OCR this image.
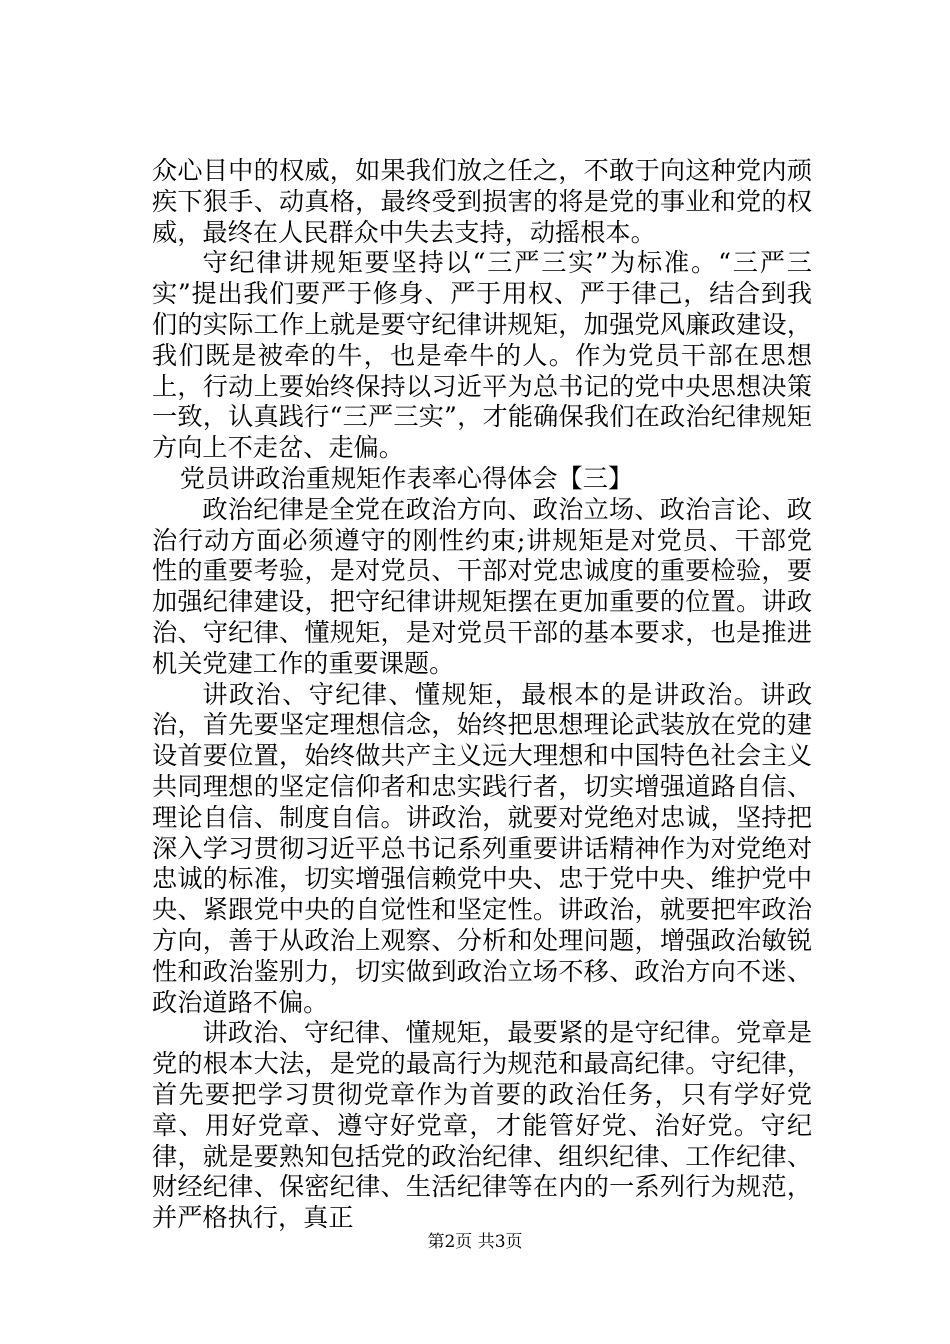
众心目中的权威，如果我们放之任之，不敢于向这种党内顽疾下狠手、动真格，最终受到损害的将是党的事业和党的权威，最终在人民群众中失去支持，动摇根本。

守纪律讲规矩要坚持以“三严三实”为标准。“三严三实”提出我们要严于修身、严于用权、严于律己，结合到我们的实际工作上就是要守纪律讲规矩，加强党风廉政建设，我们既是被牵的牛，也是牵牛的人。作为党员干部在思想上，行动上要始终保持以习近平为总书记的党中央思想决策一致，认真践行“三严三实”，才能确保我们在政治纪律规矩方向上不走岔、走偏。

党员讲政治重规矩作表率心得体会【三】

政治纪律是全党在政治方向、政治立场、政治言论、政治行动方面必须遵守的刚性约束;讲规矩是对党员、干部党性的重要考验，是对党员、干部对党忠诚度的重要检验，要加强纪律建设，把守纪律讲规矩摆在更加重要的位置。讲政治、守纪律、懂规矩，是对党员干部的基本要求，也是推进机关党建工作的重要课题。

讲政治、守纪律、懂规矩，最根本的是讲政治。讲政治，首先要坚定理想信念，始终把思想理论武装放在党的建设首要位置，始终做共产主义远大理想和中国特色社会主义共同理想的坚定信仰者和忠实践行者，切实增强道路自信、理论自信、制度自信。讲政治，就要对党绝对忠诚，坚持把深入学习贯彻习近平总书记系列重要讲话精神作为对党绝对忠诚的标准，切实增强信赖党中央、忠于党中央、维护党中央、紧跟党中央的自觉性和坚定性。讲政治，就要把牢政治方向，善于从政治上观察、分析和处理问题，增强政治敏锐性和政治鉴别力，切实做到政治立场不移、政治方向不迷、政治道路不偏。

讲政治、守纪律、懂规矩，最要紧的是守纪律。党章是党的根本大法，是党的最高行为规范和最高纪律。守纪律，首先要把学习贯彻党章作为首要的政治任务，只有学好党章、用好党章、遵守好党章，才能管好党、治好党。守纪律，就是要熟知包括党的政治纪律、组织纪律、工作纪律、财经纪律、保密纪律、生活纪律等在内的一系列行为规范，并严格执行，真正

第2页 共3页
